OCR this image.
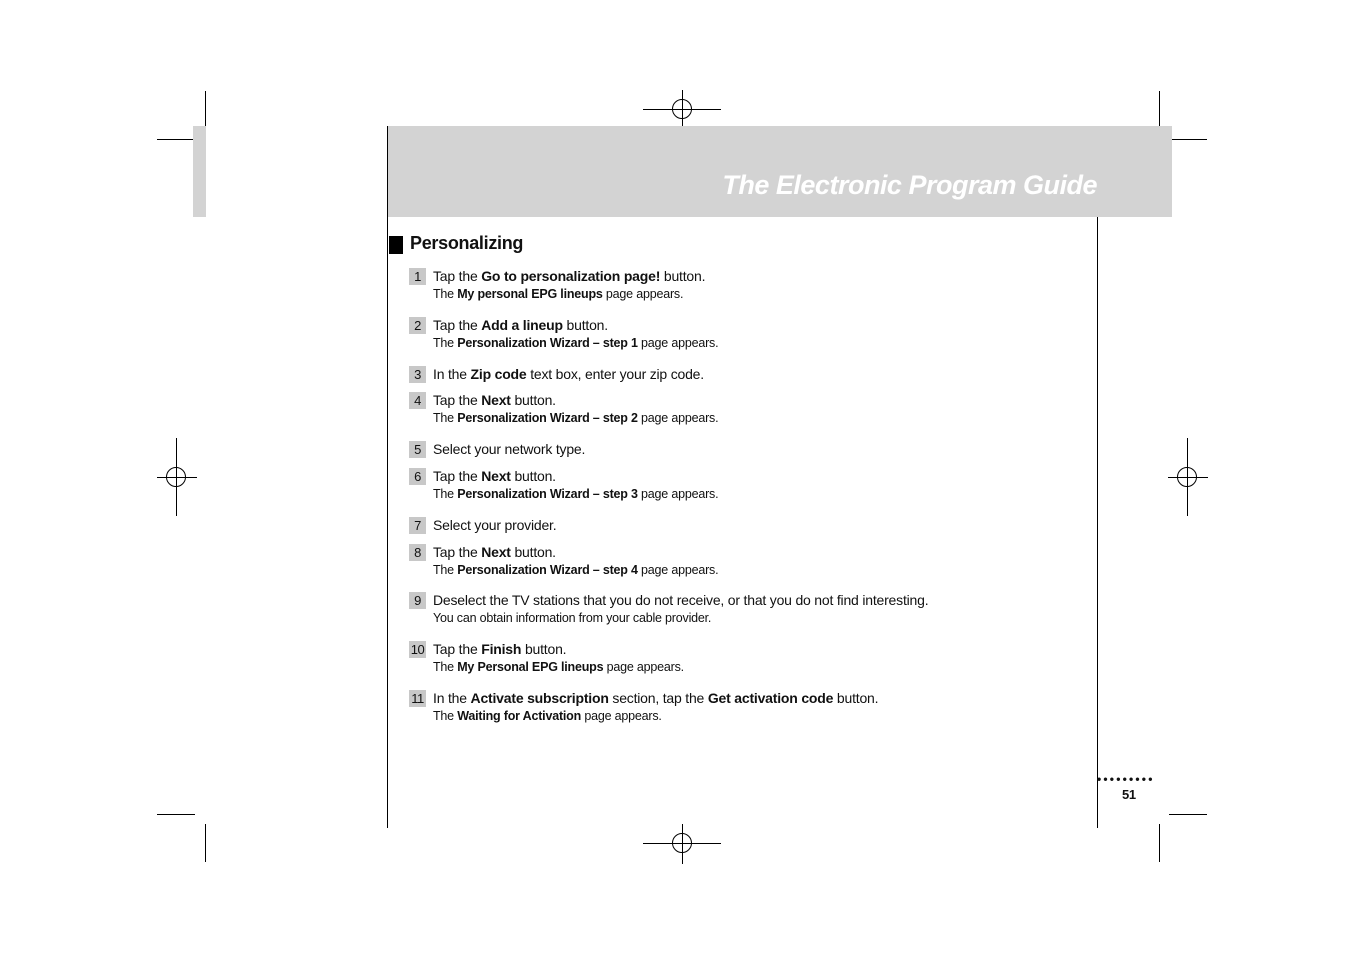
The Electronic Program Guide
Personalizing
1 Tap the Go to personalization page! button.
The My personal EPG lineups page appears.
2 Tap the Add a lineup button.
The Personalization Wizard – step 1 page appears.
3 In the Zip code text box, enter your zip code.
4 Tap the Next button.
The Personalization Wizard – step 2 page appears.
5 Select your network type.
6 Tap the Next button.
The Personalization Wizard – step 3 page appears.
7 Select your provider.
8 Tap the Next button.
The Personalization Wizard – step 4 page appears.
9 Deselect the TV stations that you do not receive, or that you do not find interesting.
You can obtain information from your cable provider.
10 Tap the Finish button.
The My Personal EPG lineups page appears.
11 In the Activate subscription section, tap the Get activation code button.
The Waiting for Activation page appears.
•••••••••
51
